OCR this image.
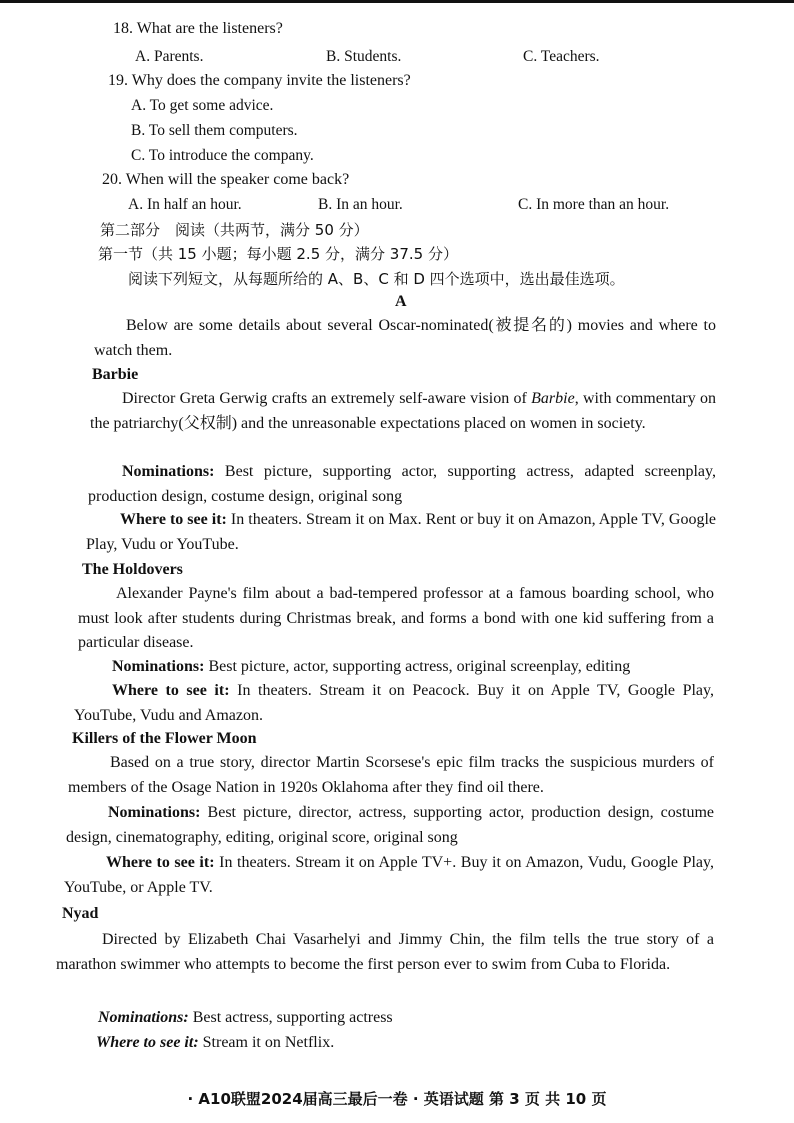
18. What are the listeners?
A. Parents.	B. Students.	C. Teachers.
19. Why does the company invite the listeners?
A. To get some advice.
B. To sell them computers.
C. To introduce the company.
20. When will the speaker come back?
A. In half an hour.	B. In an hour.	C. In more than an hour.
第二部分　阅读（共两节，满分 50 分）
第一节（共 15 小题；每小题 2.5 分，满分 37.5 分）
阅读下列短文，从每题所给的 A、B、C 和 D 四个选项中，选出最佳选项。
A
Below are some details about several Oscar-nominated(被提名的) movies and where to watch them.
Barbie
Director Greta Gerwig crafts an extremely self-aware vision of Barbie, with commentary on the patriarchy(父权制) and the unreasonable expectations placed on women in society.
Nominations: Best picture, supporting actor, supporting actress, adapted screenplay, production design, costume design, original song
Where to see it: In theaters. Stream it on Max. Rent or buy it on Amazon, Apple TV, Google Play, Vudu or YouTube.
The Holdovers
Alexander Payne's film about a bad-tempered professor at a famous boarding school, who must look after students during Christmas break, and forms a bond with one kid suffering from a particular disease.
Nominations: Best picture, actor, supporting actress, original screenplay, editing
Where to see it: In theaters. Stream it on Peacock. Buy it on Apple TV, Google Play, YouTube, Vudu and Amazon.
Killers of the Flower Moon
Based on a true story, director Martin Scorsese's epic film tracks the suspicious murders of members of the Osage Nation in 1920s Oklahoma after they find oil there.
Nominations: Best picture, director, actress, supporting actor, production design, costume design, cinematography, editing, original score, original song
Where to see it: In theaters. Stream it on Apple TV+. Buy it on Amazon, Vudu, Google Play, YouTube, or Apple TV.
Nyad
Directed by Elizabeth Chai Vasarhelyi and Jimmy Chin, the film tells the true story of a marathon swimmer who attempts to become the first person ever to swim from Cuba to Florida.
Nominations: Best actress, supporting actress
Where to see it: Stream it on Netflix.
· A10联盟2024届高三最后一卷 · 英语试题 第 3 页 共 10 页
